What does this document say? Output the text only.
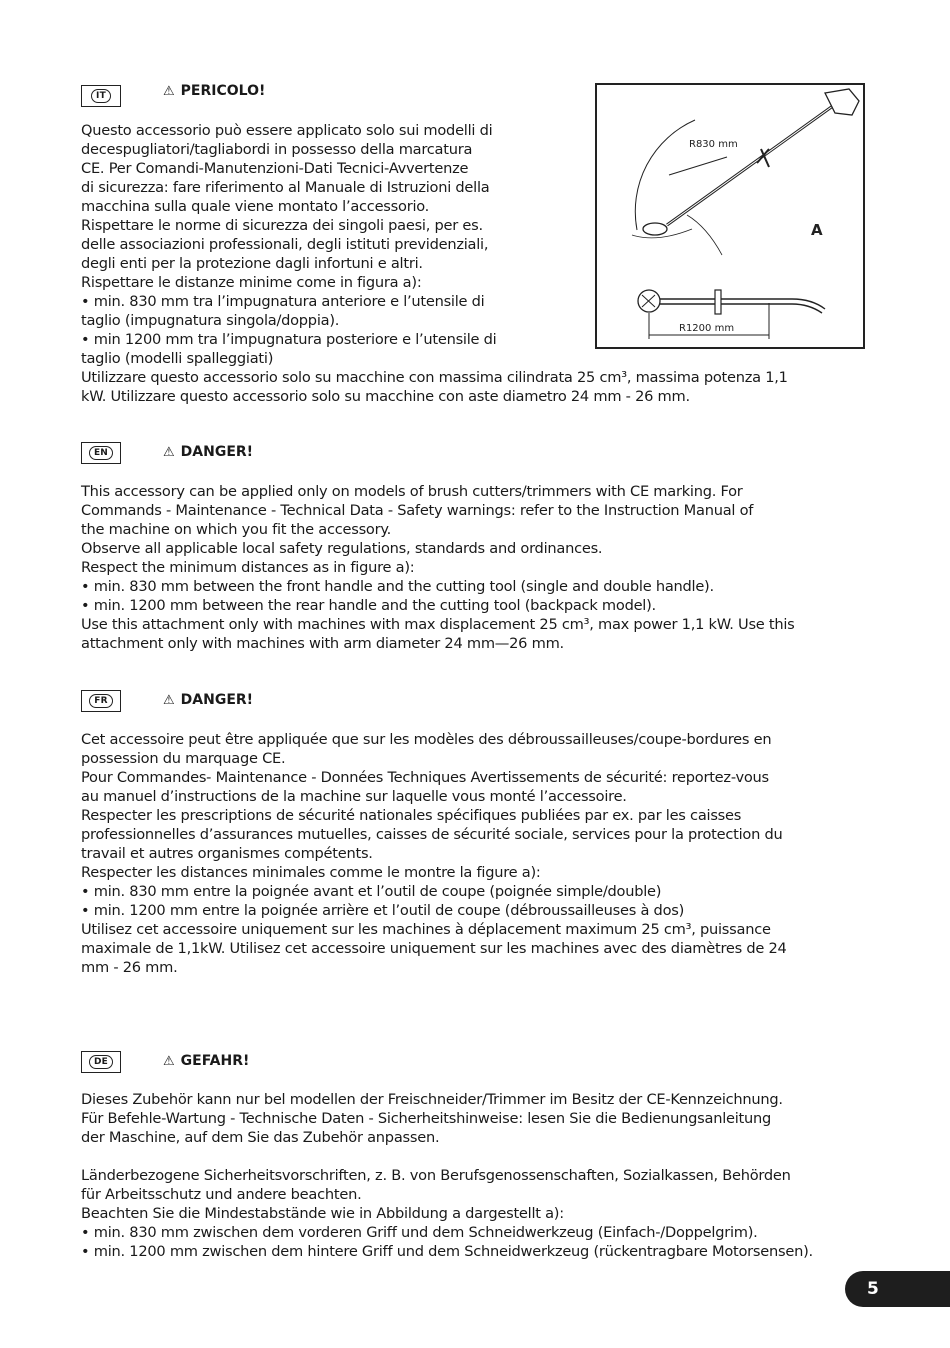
IT	⚠ PERICOLO!
Questo accessorio può essere applicato solo sui modelli di
decespugliatori/tagliabordi in possesso della marcatura
CE. Per Comandi-Manutenzioni-Dati Tecnici-Avvertenze
di sicurezza: fare riferimento al Manuale di Istruzioni della
macchina sulla quale viene montato l’accessorio.
Rispettare le norme di sicurezza dei singoli paesi, per es.
delle associazioni professionali, degli istituti previdenziali,
degli enti per la protezione dagli infortuni e altri.
Rispettare le distanze minime come in figura a):
• min. 830 mm tra l’impugnatura anteriore e l’utensile di
taglio (impugnatura singola/doppia).
• min 1200 mm tra l’impugnatura posteriore e l’utensile di
taglio (modelli spalleggiati)
Utilizzare questo accessorio solo su macchine con massima cilindrata 25 cm³, massima potenza 1,1
kW. Utilizzare questo accessorio solo su macchine con aste diametro 24 mm - 26 mm.
R830 mm
A
R1200 mm
EN	⚠ DANGER!
This accessory can be applied only on models of brush cutters/trimmers with CE marking. For
Commands - Maintenance - Technical Data - Safety warnings: refer to the Instruction Manual of
the machine on which you fit the accessory.
Observe all applicable local safety regulations, standards and ordinances.
Respect the minimum distances as in figure a):
• min. 830 mm between the front handle and the cutting tool (single and double handle).
• min. 1200 mm between the rear handle and the cutting tool (backpack model).
Use this attachment only with machines with max displacement 25 cm³, max power 1,1 kW. Use this
attachment only with machines with arm diameter 24 mm—26 mm.
FR	⚠ DANGER!
Cet accessoire peut être appliquée que sur les modèles des débroussailleuses/coupe-bordures en
possession du marquage CE.
Pour Commandes- Maintenance - Données Techniques Avertissements de sécurité: reportez-vous
au manuel d’instructions de la machine sur laquelle vous monté l’accessoire.
Respecter les prescriptions de sécurité nationales spécifiques publiées par ex. par les caisses
professionnelles d’assurances mutuelles, caisses de sécurité sociale, services pour la protection du
travail et autres organismes compétents.
Respecter les distances minimales comme le montre la figure a):
• min. 830 mm entre la poignée avant et l’outil de coupe (poignée simple/double)
• min. 1200 mm entre la poignée arrière et l’outil de coupe (débroussailleuses à dos)
Utilisez cet accessoire uniquement sur les machines à déplacement maximum 25 cm³, puissance
maximale de 1,1kW. Utilisez cet accessoire uniquement sur les machines avec des diamètres de 24
mm - 26 mm.
DE	⚠ GEFAHR!
Dieses Zubehör kann nur bel modellen der Freischneider/Trimmer im Besitz der CE-Kennzeichnung.
Für Befehle-Wartung - Technische Daten - Sicherheitshinweise: lesen Sie die Bedienungsanleitung
der Maschine, auf dem Sie das Zubehör anpassen.

Länderbezogene Sicherheitsvorschriften, z. B. von Berufsgenossenschaften, Sozialkassen, Behörden
für Arbeitsschutz und andere beachten.
Beachten Sie die Mindestabstände wie in Abbildung a dargestellt a):
• min. 830 mm zwischen dem vorderen Griff und dem Schneidwerkzeug (Einfach-/Doppelgrim).
• min. 1200 mm zwischen dem hintere Griff und dem Schneidwerkzeug (rückentragbare Motorsensen).
5
